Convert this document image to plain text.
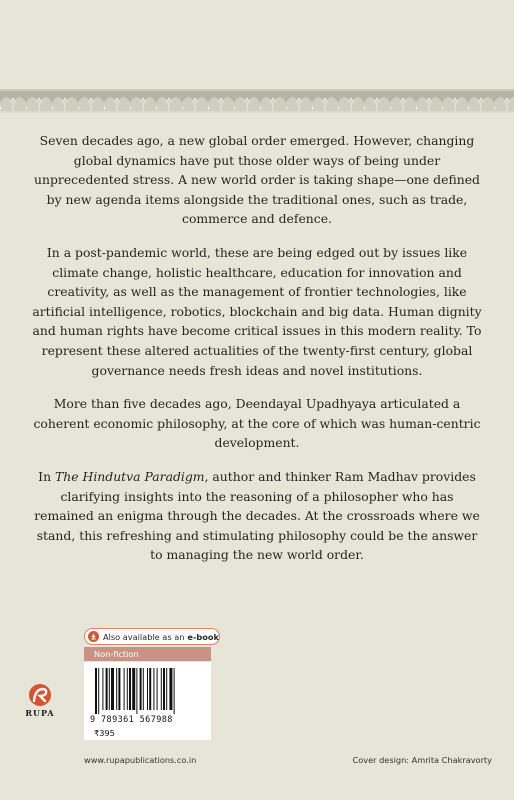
Seven decades ago, a new global order emerged. However, changing global dynamics have put those older ways of being under unprecedented stress. A new world order is taking shape—one defined by new agenda items alongside the traditional ones, such as trade, commerce and defence.

In a post-pandemic world, these are being edged out by issues like climate change, holistic healthcare, education for innovation and creativity, as well as the management of frontier technologies, like artificial intelligence, robotics, blockchain and big data. Human dignity and human rights have become critical issues in this modern reality. To represent these altered actualities of the twenty-first century, global governance needs fresh ideas and novel institutions.

More than five decades ago, Deendayal Upadhyaya articulated a coherent economic philosophy, at the core of which was human-centric development.

In The Hindutva Paradigm, author and thinker Ram Madhav provides clarifying insights into the reasoning of a philosopher who has remained an enigma through the decades. At the crossroads where we stand, this refreshing and stimulating philosophy could be the answer to managing the new world order.

Also available as an e-book
Non-fiction
9 789361 567988
₹395
RUPA
www.rupapublications.co.in	Cover design: Amrita Chakravorty
